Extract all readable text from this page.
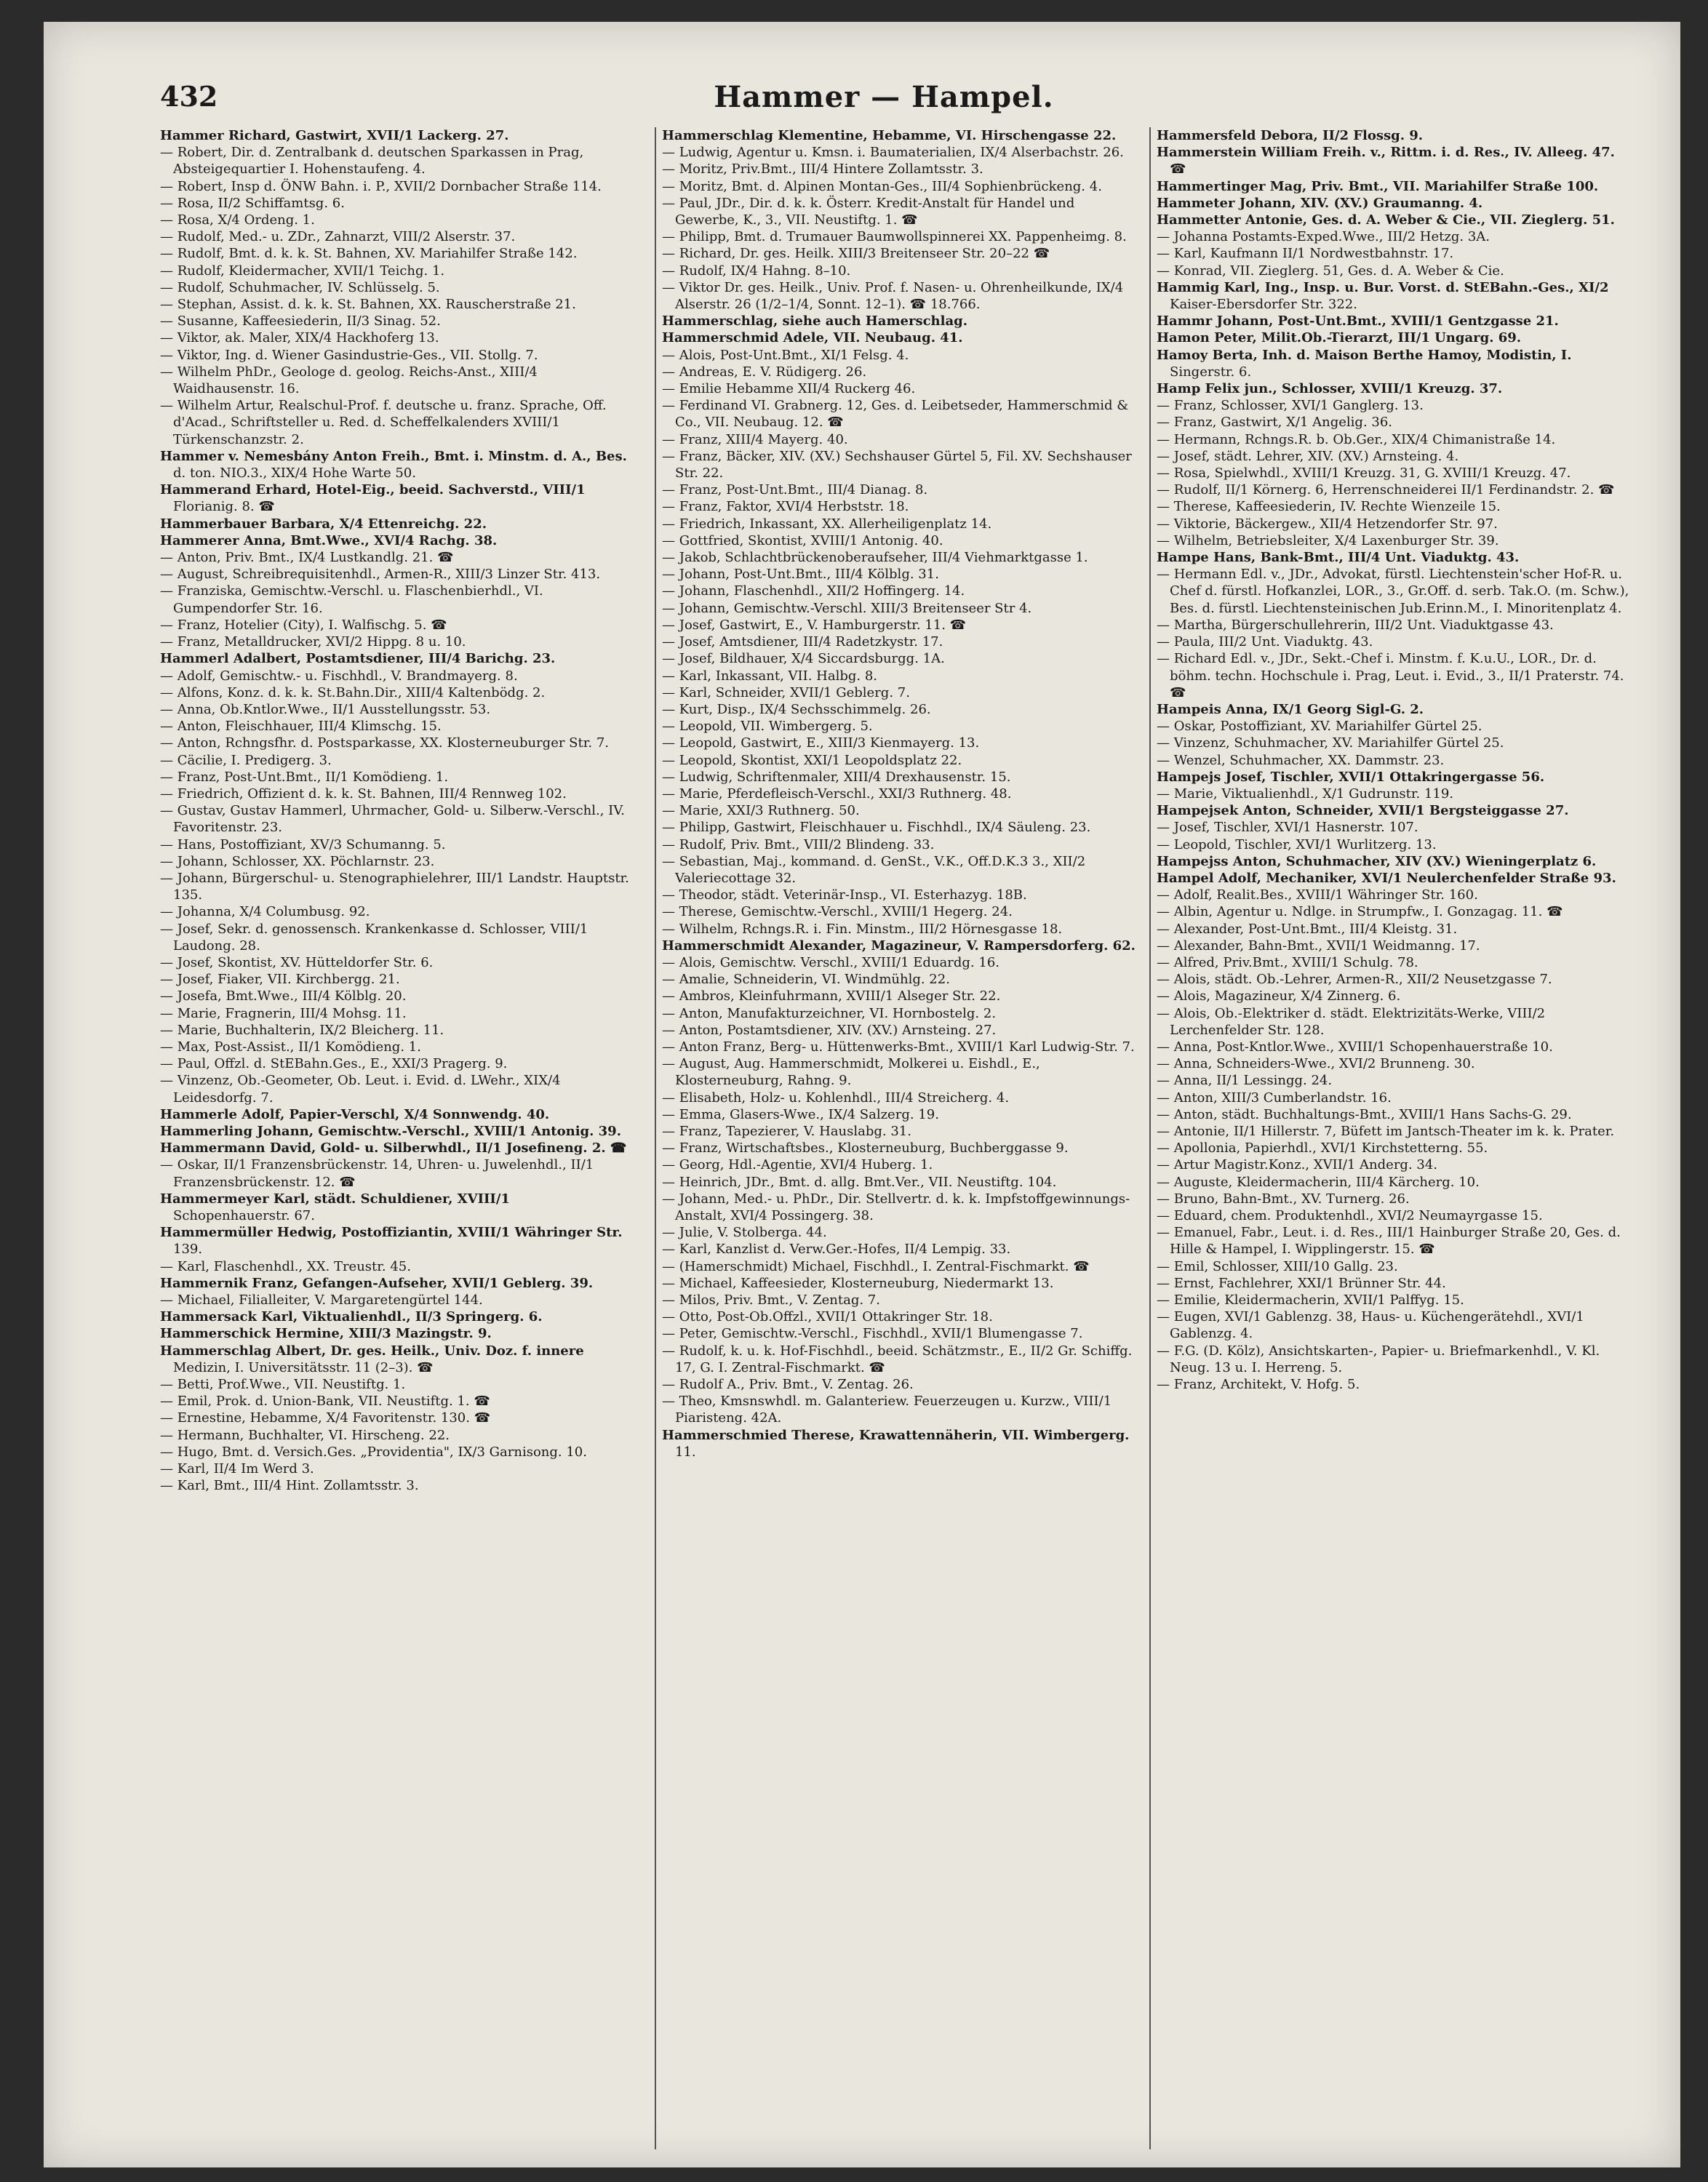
432	Hammer — Hampel.

Hammer Richard, Gastwirt, XVII/1 Lackerg. 27.

— Robert, Dir. d. Zentralbank d. deutschen Sparkassen in Prag, Absteigequartier I. Hohenstaufeng. 4.

— Robert, Insp d. ÖNW Bahn. i. P., XVII/2 Dornbacher Straße 114.

— Rosa, II/2 Schiffamtsg. 6.

— Rosa, X/4 Ordeng. 1.

— Rudolf, Med.- u. ZDr., Zahnarzt, VIII/2 Alserstr. 37.

— Rudolf, Bmt. d. k. k. St. Bahnen, XV. Mariahilfer Straße 142.

— Rudolf, Kleidermacher, XVII/1 Teichg. 1.

— Rudolf, Schuhmacher, IV. Schlüsselg. 5.

— Stephan, Assist. d. k. k. St. Bahnen, XX. Rauscherstraße 21.

— Susanne, Kaffeesiederin, II/3 Sinag. 52.

— Viktor, ak. Maler, XIX/4 Hackhoferg 13.

— Viktor, Ing. d. Wiener Gasindustrie-Ges., VII. Stollg. 7.

— Wilhelm PhDr., Geologe d. geolog. Reichs-Anst., XIII/4 Waidhausenstr. 16.

— Wilhelm Artur, Realschul-Prof. f. deutsche u. franz. Sprache, Off. d'Acad., Schriftsteller u. Red. d. Scheffelkalenders XVIII/1 Türkenschanzstr. 2.

Hammer v. Nemesbány Anton Freih., Bmt. i. Minstm. d. A., Bes. d. ton. NIO.3., XIX/4 Hohe Warte 50.

Hammerand Erhard, Hotel-Eig., beeid. Sachverstd., VIII/1 Florianig. 8. ☎

Hammerbauer Barbara, X/4 Ettenreichg. 22.

Hammerer Anna, Bmt.Wwe., XVI/4 Rachg. 38.

— Anton, Priv. Bmt., IX/4 Lustkandlg. 21. ☎

— August, Schreibrequisitenhdl., Armen-R., XIII/3 Linzer Str. 413.

— Franziska, Gemischtw.-Verschl. u. Flaschenbierhdl., VI. Gumpendorfer Str. 16.

— Franz, Hotelier (City), I. Walfischg. 5. ☎

— Franz, Metalldrucker, XVI/2 Hippg. 8 u. 10.

Hammerl Adalbert, Postamtsdiener, III/4 Barichg. 23.

— Adolf, Gemischtw.- u. Fischhdl., V. Brandmayerg. 8.

— Alfons, Konz. d. k. k. St.Bahn.Dir., XIII/4 Kaltenbödg. 2.

— Anna, Ob.Kntlor.Wwe., II/1 Ausstellungsstr. 53.

— Anton, Fleischhauer, III/4 Klimschg. 15.

— Anton, Rchngsfhr. d. Postsparkasse, XX. Klosterneuburger Str. 7.

— Cäcilie, I. Predigerg. 3.

— Franz, Post-Unt.Bmt., II/1 Komödieng. 1.

— Friedrich, Offizient d. k. k. St. Bahnen, III/4 Rennweg 102.

— Gustav, Gustav Hammerl, Uhrmacher, Gold- u. Silberw.-Verschl., IV. Favoritenstr. 23.

— Hans, Postoffiziant, XV/3 Schumanng. 5.

— Johann, Schlosser, XX. Pöchlarnstr. 23.

— Johann, Bürgerschul- u. Stenographielehrer, III/1 Landstr. Hauptstr. 135.

— Johanna, X/4 Columbusg. 92.

— Josef, Sekr. d. genossensch. Krankenkasse d. Schlosser, VIII/1 Laudong. 28.

— Josef, Skontist, XV. Hütteldorfer Str. 6.

— Josef, Fiaker, VII. Kirchbergg. 21.

— Josefa, Bmt.Wwe., III/4 Kölblg. 20.

— Marie, Fragnerin, III/4 Mohsg. 11.

— Marie, Buchhalterin, IX/2 Bleicherg. 11.

— Max, Post-Assist., II/1 Komödieng. 1.

— Paul, Offzl. d. StEBahn.Ges., E., XXI/3 Pragerg. 9.

— Vinzenz, Ob.-Geometer, Ob. Leut. i. Evid. d. LWehr., XIX/4 Leidesdorfg. 7.

Hammerle Adolf, Papier-Verschl, X/4 Sonnwendg. 40.

Hammerling Johann, Gemischtw.-Verschl., XVIII/1 Antonig. 39.

Hammermann David, Gold- u. Silberwhdl., II/1 Josefineng. 2. ☎

— Oskar, II/1 Franzensbrückenstr. 14, Uhren- u. Juwelenhdl., II/1 Franzensbrückenstr. 12. ☎

Hammermeyer Karl, städt. Schuldiener, XVIII/1 Schopenhauerstr. 67.

Hammermüller Hedwig, Postoffiziantin, XVIII/1 Währinger Str. 139.

— Karl, Flaschenhdl., XX. Treustr. 45.

Hammernik Franz, Gefangen-Aufseher, XVII/1 Geblerg. 39.

— Michael, Filialleiter, V. Margaretengürtel 144.

Hammersack Karl, Viktualienhdl., II/3 Springerg. 6.

Hammerschick Hermine, XIII/3 Mazingstr. 9.

Hammerschlag Albert, Dr. ges. Heilk., Univ. Doz. f. innere Medizin, I. Universitätsstr. 11 (2–3). ☎

— Betti, Prof.Wwe., VII. Neustiftg. 1.

— Emil, Prok. d. Union-Bank, VII. Neustiftg. 1. ☎

— Ernestine, Hebamme, X/4 Favoritenstr. 130. ☎

— Hermann, Buchhalter, VI. Hirscheng. 22.

— Hugo, Bmt. d. Versich.Ges. „Providentia", IX/3 Garnisong. 10.

— Karl, II/4 Im Werd 3.

— Karl, Bmt., III/4 Hint. Zollamtsstr. 3.

Hammerschlag Klementine, Hebamme, VI. Hirschengasse 22.

— Ludwig, Agentur u. Kmsn. i. Baumaterialien, IX/4 Alserbachstr. 26.

— Moritz, Priv.Bmt., III/4 Hintere Zollamtsstr. 3.

— Moritz, Bmt. d. Alpinen Montan-Ges., III/4 Sophienbrückeng. 4.

— Paul, JDr., Dir. d. k. k. Österr. Kredit-Anstalt für Handel und Gewerbe, K., 3., VII. Neustiftg. 1. ☎

— Philipp, Bmt. d. Trumauer Baumwollspinnerei XX. Pappenheimg. 8.

— Richard, Dr. ges. Heilk. XIII/3 Breitenseer Str. 20–22 ☎

— Rudolf, IX/4 Hahng. 8–10.

— Viktor Dr. ges. Heilk., Univ. Prof. f. Nasen- u. Ohrenheilkunde, IX/4 Alserstr. 26 (1/2–1/4, Sonnt. 12–1). ☎ 18.766.

Hammerschlag, siehe auch Hamerschlag.

Hammerschmid Adele, VII. Neubaug. 41.

— Alois, Post-Unt.Bmt., XI/1 Felsg. 4.

— Andreas, E. V. Rüdigerg. 26.

— Emilie Hebamme XII/4 Ruckerg 46.

— Ferdinand VI. Grabnerg. 12, Ges. d. Leibetseder, Hammerschmid & Co., VII. Neubaug. 12. ☎

— Franz, XIII/4 Mayerg. 40.

— Franz, Bäcker, XIV. (XV.) Sechshauser Gürtel 5, Fil. XV. Sechshauser Str. 22.

— Franz, Post-Unt.Bmt., III/4 Dianag. 8.

— Franz, Faktor, XVI/4 Herbststr. 18.

— Friedrich, Inkassant, XX. Allerheiligenplatz 14.

— Gottfried, Skontist, XVIII/1 Antonig. 40.

— Jakob, Schlachtbrückenoberaufseher, III/4 Viehmarktgasse 1.

— Johann, Post-Unt.Bmt., III/4 Kölblg. 31.

— Johann, Flaschenhdl., XII/2 Hoffingerg. 14.

— Johann, Gemischtw.-Verschl. XIII/3 Breitenseer Str 4.

— Josef, Gastwirt, E., V. Hamburgerstr. 11. ☎

— Josef, Amtsdiener, III/4 Radetzkystr. 17.

— Josef, Bildhauer, X/4 Siccardsburgg. 1A.

— Karl, Inkassant, VII. Halbg. 8.

— Karl, Schneider, XVII/1 Geblerg. 7.

— Kurt, Disp., IX/4 Sechsschimmelg. 26.

— Leopold, VII. Wimbergerg. 5.

— Leopold, Gastwirt, E., XIII/3 Kienmayerg. 13.

— Leopold, Skontist, XXI/1 Leopoldsplatz 22.

— Ludwig, Schriftenmaler, XIII/4 Drexhausenstr. 15.

— Marie, Pferdefleisch-Verschl., XXI/3 Ruthnerg. 48.

— Marie, XXI/3 Ruthnerg. 50.

— Philipp, Gastwirt, Fleischhauer u. Fischhdl., IX/4 Säuleng. 23.

— Rudolf, Priv. Bmt., VIII/2 Blindeng. 33.

— Sebastian, Maj., kommand. d. GenSt., V.K., Off.D.K.3 3., XII/2 Valeriecottage 32.

— Theodor, städt. Veterinär-Insp., VI. Esterhazyg. 18B.

— Therese, Gemischtw.-Verschl., XVIII/1 Hegerg. 24.

— Wilhelm, Rchngs.R. i. Fin. Minstm., III/2 Hörnesgasse 18.

Hammerschmidt Alexander, Magazineur, V. Rampersdorferg. 62.

— Alois, Gemischtw. Verschl., XVIII/1 Eduardg. 16.

— Amalie, Schneiderin, VI. Windmühlg. 22.

— Ambros, Kleinfuhrmann, XVIII/1 Alseger Str. 22.

— Anton, Manufakturzeichner, VI. Hornbostelg. 2.

— Anton, Postamtsdiener, XIV. (XV.) Arnsteing. 27.

— Anton Franz, Berg- u. Hüttenwerks-Bmt., XVIII/1 Karl Ludwig-Str. 7.

— August, Aug. Hammerschmidt, Molkerei u. Eishdl., E., Klosterneuburg, Rahng. 9.

— Elisabeth, Holz- u. Kohlenhdl., III/4 Streicherg. 4.

— Emma, Glasers-Wwe., IX/4 Salzerg. 19.

— Franz, Tapezierer, V. Hauslabg. 31.

— Franz, Wirtschaftsbes., Klosterneuburg, Buchberggasse 9.

— Georg, Hdl.-Agentie, XVI/4 Huberg. 1.

— Heinrich, JDr., Bmt. d. allg. Bmt.Ver., VII. Neustiftg. 104.

— Johann, Med.- u. PhDr., Dir. Stellvertr. d. k. k. Impfstoffgewinnungs-Anstalt, XVI/4 Possingerg. 38.

— Julie, V. Stolberga. 44.

— Karl, Kanzlist d. Verw.Ger.-Hofes, II/4 Lempig. 33.

— (Hamerschmidt) Michael, Fischhdl., I. Zentral-Fischmarkt. ☎

— Michael, Kaffeesieder, Klosterneuburg, Niedermarkt 13.

— Milos, Priv. Bmt., V. Zentag. 7.

— Otto, Post-Ob.Offzl., XVII/1 Ottakringer Str. 18.

— Peter, Gemischtw.-Verschl., Fischhdl., XVII/1 Blumengasse 7.

— Rudolf, k. u. k. Hof-Fischhdl., beeid. Schätzmstr., E., II/2 Gr. Schiffg. 17, G. I. Zentral-Fischmarkt. ☎

— Rudolf A., Priv. Bmt., V. Zentag. 26.

— Theo, Kmsnswhdl. m. Galanteriew. Feuerzeugen u. Kurzw., VIII/1 Piaristeng. 42A.

Hammerschmied Therese, Krawattennäherin, VII. Wimbergerg. 11.

Hammersfeld Debora, II/2 Flossg. 9.

Hammerstein William Freih. v., Rittm. i. d. Res., IV. Alleeg. 47. ☎

Hammertinger Mag, Priv. Bmt., VII. Mariahilfer Straße 100.

Hammeter Johann, XIV. (XV.) Graumanng. 4.

Hammetter Antonie, Ges. d. A. Weber & Cie., VII. Zieglerg. 51.

— Johanna Postamts-Exped.Wwe., III/2 Hetzg. 3A.

— Karl, Kaufmann II/1 Nordwestbahnstr. 17.

— Konrad, VII. Zieglerg. 51, Ges. d. A. Weber & Cie.

Hammig Karl, Ing., Insp. u. Bur. Vorst. d. StEBahn.-Ges., XI/2 Kaiser-Ebersdorfer Str. 322.

Hammr Johann, Post-Unt.Bmt., XVIII/1 Gentzgasse 21.

Hamon Peter, Milit.Ob.-Tierarzt, III/1 Ungarg. 69.

Hamoy Berta, Inh. d. Maison Berthe Hamoy, Modistin, I. Singerstr. 6.

Hamp Felix jun., Schlosser, XVIII/1 Kreuzg. 37.

— Franz, Schlosser, XVI/1 Ganglerg. 13.

— Franz, Gastwirt, X/1 Angelig. 36.

— Hermann, Rchngs.R. b. Ob.Ger., XIX/4 Chimanistraße 14.

— Josef, städt. Lehrer, XIV. (XV.) Arnsteing. 4.

— Rosa, Spielwhdl., XVIII/1 Kreuzg. 31, G. XVIII/1 Kreuzg. 47.

— Rudolf, II/1 Körnerg. 6, Herrenschneiderei II/1 Ferdinandstr. 2. ☎

— Therese, Kaffeesiederin, IV. Rechte Wienzeile 15.

— Viktorie, Bäckergew., XII/4 Hetzendorfer Str. 97.

— Wilhelm, Betriebsleiter, X/4 Laxenburger Str. 39.

Hampe Hans, Bank-Bmt., III/4 Unt. Viaduktg. 43.

— Hermann Edl. v., JDr., Advokat, fürstl. Liechtenstein'scher Hof-R. u. Chef d. fürstl. Hofkanzlei, LOR., 3., Gr.Off. d. serb. Tak.O. (m. Schw.), Bes. d. fürstl. Liechtensteinischen Jub.Erinn.M., I. Minoritenplatz 4.

— Martha, Bürgerschullehrerin, III/2 Unt. Viaduktgasse 43.

— Paula, III/2 Unt. Viaduktg. 43.

— Richard Edl. v., JDr., Sekt.-Chef i. Minstm. f. K.u.U., LOR., Dr. d. böhm. techn. Hochschule i. Prag, Leut. i. Evid., 3., II/1 Praterstr. 74. ☎

Hampeis Anna, IX/1 Georg Sigl-G. 2.

— Oskar, Postoffiziant, XV. Mariahilfer Gürtel 25.

— Vinzenz, Schuhmacher, XV. Mariahilfer Gürtel 25.

— Wenzel, Schuhmacher, XX. Dammstr. 23.

Hampejs Josef, Tischler, XVII/1 Ottakringergasse 56.

— Marie, Viktualienhdl., X/1 Gudrunstr. 119.

Hampejsek Anton, Schneider, XVII/1 Bergsteiggasse 27.

— Josef, Tischler, XVI/1 Hasnerstr. 107.

— Leopold, Tischler, XVI/1 Wurlitzerg. 13.

Hampejss Anton, Schuhmacher, XIV (XV.) Wieningerplatz 6.

Hampel Adolf, Mechaniker, XVI/1 Neulerchenfelder Straße 93.

— Adolf, Realit.Bes., XVIII/1 Währinger Str. 160.

— Albin, Agentur u. Ndlge. in Strumpfw., I. Gonzagag. 11. ☎

— Alexander, Post-Unt.Bmt., III/4 Kleistg. 31.

— Alexander, Bahn-Bmt., XVII/1 Weidmanng. 17.

— Alfred, Priv.Bmt., XVIII/1 Schulg. 78.

— Alois, städt. Ob.-Lehrer, Armen-R., XII/2 Neusetzgasse 7.

— Alois, Magazineur, X/4 Zinnerg. 6.

— Alois, Ob.-Elektriker d. städt. Elektrizitäts-Werke, VIII/2 Lerchenfelder Str. 128.

— Anna, Post-Kntlor.Wwe., XVIII/1 Schopenhauerstraße 10.

— Anna, Schneiders-Wwe., XVI/2 Brunneng. 30.

— Anna, II/1 Lessingg. 24.

— Anton, XIII/3 Cumberlandstr. 16.

— Anton, städt. Buchhaltungs-Bmt., XVIII/1 Hans Sachs-G. 29.

— Antonie, II/1 Hillerstr. 7, Büfett im Jantsch-Theater im k. k. Prater.

— Apollonia, Papierhdl., XVI/1 Kirchstetterng. 55.

— Artur Magistr.Konz., XVII/1 Anderg. 34.

— Auguste, Kleidermacherin, III/4 Kärcherg. 10.

— Bruno, Bahn-Bmt., XV. Turnerg. 26.

— Eduard, chem. Produktenhdl., XVI/2 Neumayrgasse 15.

— Emanuel, Fabr., Leut. i. d. Res., III/1 Hainburger Straße 20, Ges. d. Hille & Hampel, I. Wipplingerstr. 15. ☎

— Emil, Schlosser, XIII/10 Gallg. 23.

— Ernst, Fachlehrer, XXI/1 Brünner Str. 44.

— Emilie, Kleidermacherin, XVII/1 Palffyg. 15.

— Eugen, XVI/1 Gablenzg. 38, Haus- u. Küchengerätehdl., XVI/1 Gablenzg. 4.

— F.G. (D. Kölz), Ansichtskarten-, Papier- u. Briefmarkenhdl., V. Kl. Neug. 13 u. I. Herreng. 5.

— Franz, Architekt, V. Hofg. 5.
